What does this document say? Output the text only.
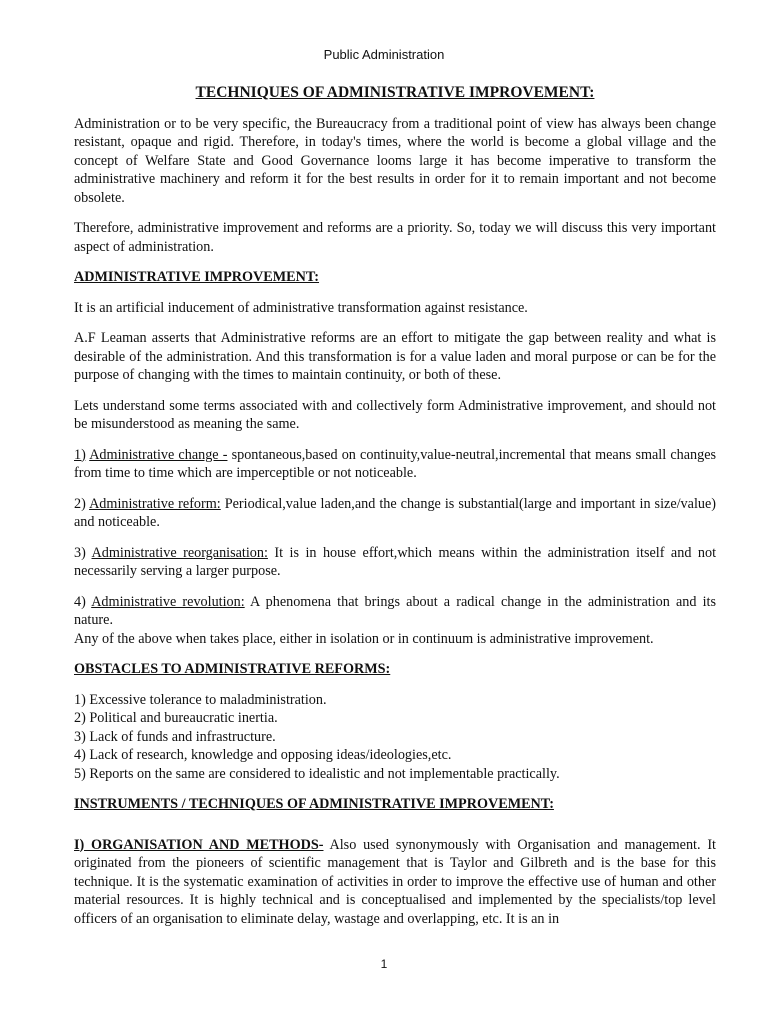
Public Administration
TECHNIQUES OF ADMINISTRATIVE IMPROVEMENT:

Administration or to be very specific, the Bureaucracy from a traditional point of view has always been change resistant, opaque and rigid. Therefore, in today's times, where the world is become a global village and the concept of Welfare State and Good Governance looms large it has become imperative to transform the administrative machinery and reform it for the best results in order for it to remain important and not become obsolete.

Therefore, administrative improvement and reforms are a priority. So, today we will discuss this very important aspect of administration.

ADMINISTRATIVE IMPROVEMENT:

It is an artificial inducement of administrative transformation against resistance.

A.F Leaman asserts that Administrative reforms are an effort to mitigate the gap between reality and what is desirable of the administration. And this transformation is for a value laden and moral purpose or can be for the purpose of changing with the times to maintain continuity, or both of these.

Lets understand some terms associated with and collectively form Administrative improvement, and should not be misunderstood as meaning the same.

1) Administrative change - spontaneous,based on continuity,value-neutral,incremental that means small changes from time to time which are imperceptible or not noticeable.

2) Administrative reform: Periodical,value laden,and the change is substantial(large and important in size/value) and noticeable.

3) Administrative reorganisation: It is in house effort,which means within the administration itself and not necessarily serving a larger purpose.

4) Administrative revolution: A phenomena that brings about a radical change in the administration and its nature.

Any of the above when takes place, either in isolation or in continuum is administrative improvement.

OBSTACLES TO ADMINISTRATIVE REFORMS:
1) Excessive tolerance to maladministration.
2) Political and bureaucratic inertia.
3) Lack of funds and infrastructure.
4) Lack of research, knowledge and opposing ideas/ideologies,etc.
5) Reports on the same are considered to idealistic and not implementable practically.
INSTRUMENTS / TECHNIQUES OF ADMINISTRATIVE IMPROVEMENT:

I) ORGANISATION AND METHODS- Also used synonymously with Organisation and management. It originated from the pioneers of scientific management that is Taylor and Gilbreth and is the base for this technique. It is the systematic examination of activities in order to improve the effective use of human and other material resources. It is highly technical and is conceptualised and implemented by the specialists/top level officers of an organisation to eliminate delay, wastage and overlapping, etc. It is an in

1
